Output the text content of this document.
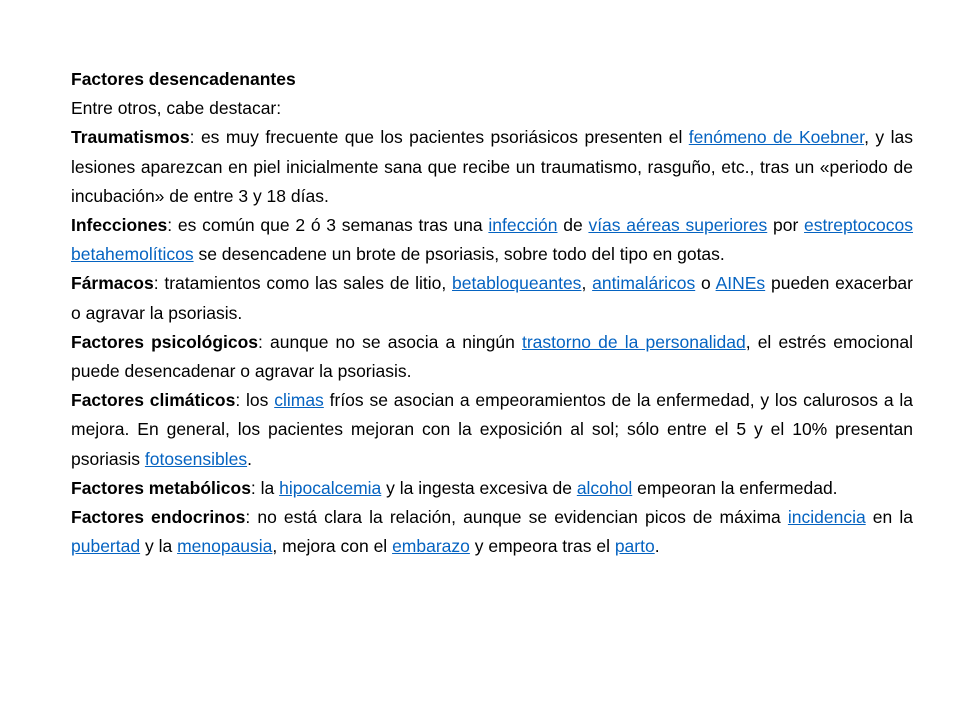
Factores desencadenantes

Entre otros, cabe destacar:

Traumatismos: es muy frecuente que los pacientes psoriásicos presenten el fenómeno de Koebner, y las lesiones aparezcan en piel inicialmente sana que recibe un traumatismo, rasguño, etc., tras un «periodo de incubación» de entre 3 y 18 días.

Infecciones: es común que 2 ó 3 semanas tras una infección de vías aéreas superiores por estreptococos betahemolíticos se desencadene un brote de psoriasis, sobre todo del tipo en gotas.

Fármacos: tratamientos como las sales de litio, betabloqueantes, antimaláricos o AINEs pueden exacerbar o agravar la psoriasis.

Factores psicológicos: aunque no se asocia a ningún trastorno de la personalidad, el estrés emocional puede desencadenar o agravar la psoriasis.

Factores climáticos: los climas fríos se asocian a empeoramientos de la enfermedad, y los calurosos a la mejora. En general, los pacientes mejoran con la exposición al sol; sólo entre el 5 y el 10% presentan psoriasis fotosensibles.

Factores metabólicos: la hipocalcemia y la ingesta excesiva de alcohol empeoran la enfermedad.

Factores endocrinos: no está clara la relación, aunque se evidencian picos de máxima incidencia en la pubertad y la menopausia, mejora con el embarazo y empeora tras el parto.
